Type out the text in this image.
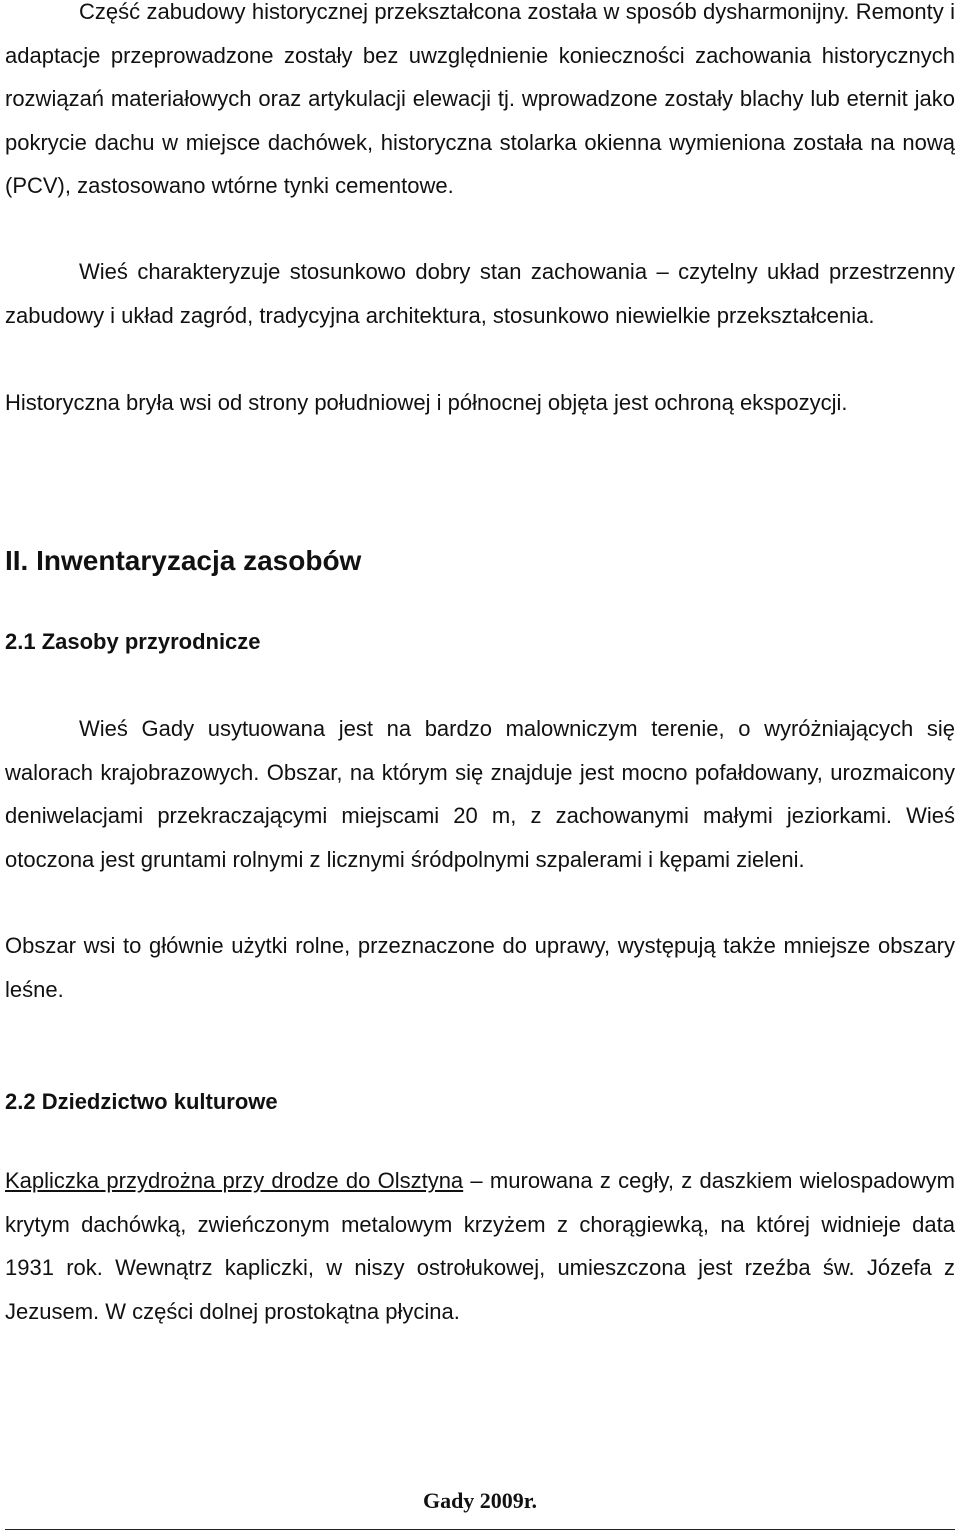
Część zabudowy historycznej przekształcona została w sposób dysharmonijny. Remonty i adaptacje przeprowadzone zostały bez uwzględnienie konieczności zachowania historycznych rozwiązań materiałowych oraz artykulacji elewacji tj. wprowadzone zostały blachy lub eternit jako pokrycie dachu w miejsce dachówek, historyczna stolarka okienna wymieniona została na nową (PCV), zastosowano wtórne tynki cementowe.

Wieś charakteryzuje stosunkowo dobry stan zachowania – czytelny układ przestrzenny zabudowy i układ zagród, tradycyjna architektura, stosunkowo niewielkie przekształcenia.

Historyczna bryła wsi od strony południowej i północnej objęta jest ochroną ekspozycji.

II. Inwentaryzacja zasobów
2.1 Zasoby przyrodnicze

Wieś Gady usytuowana jest na bardzo malowniczym terenie, o wyróżniających się walorach krajobrazowych. Obszar, na którym się znajduje jest mocno pofałdowany, urozmaicony deniwelacjami przekraczającymi miejscami 20 m, z zachowanymi małymi jeziorkami. Wieś otoczona jest gruntami rolnymi z licznymi śródpolnymi szpalerami i kępami zieleni.

Obszar wsi to głównie użytki rolne, przeznaczone do uprawy, występują także mniejsze obszary leśne.

2.2 Dziedzictwo kulturowe

Kapliczka przydrożna przy drodze do Olsztyna – murowana z cegły, z daszkiem wielospadowym krytym dachówką, zwieńczonym metalowym krzyżem z chorągiewką, na której widnieje data 1931 rok. Wewnątrz kapliczki, w niszy ostrołukowej, umieszczona jest rzeźba św. Józefa z Jezusem. W części dolnej prostokątna płycina.

Gady 2009r.
